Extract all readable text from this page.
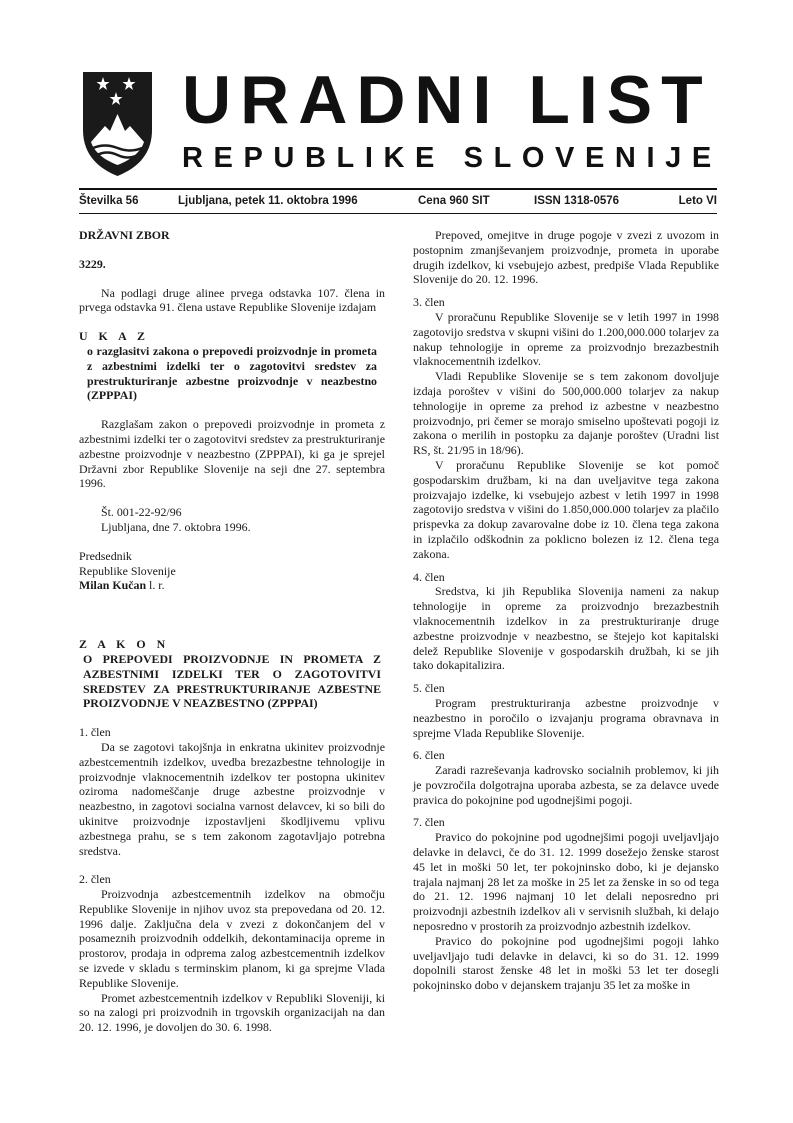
URADNI LIST
REPUBLIKE SLOVENIJE
Številka 56	Ljubljana, petek 11. oktobra 1996	Cena 960 SIT	ISSN 1318-0576	Leto VI

DRŽAVNI ZBOR

3229.

Na podlagi druge alinee prvega odstavka 107. člena in prvega odstavka 91. člena ustave Republike Slovenije izdajam

U K A Z

o razglasitvi zakona o prepovedi proizvodnje in prometa z azbestnimi izdelki ter o zagotovitvi sredstev za prestrukturiranje azbestne proizvodnje v neazbestno (ZPPPAI)

Razglašam zakon o prepovedi proizvodnje in prometa z azbestnimi izdelki ter o zagotovitvi sredstev za prestrukturiranje azbestne proizvodnje v neazbestno (ZPPPAI), ki ga je sprejel Državni zbor Republike Slovenije na seji dne 27. septembra 1996.

Št. 001-22-92/96

Ljubljana, dne 7. oktobra 1996.

Predsednik

Republike Slovenije

Milan Kučan l. r.

Z A K O N

O PREPOVEDI PROIZVODNJE IN PROMETA Z AZBESTNIMI IZDELKI TER O ZAGOTOVITVI SREDSTEV ZA PRESTRUKTURIRANJE AZBESTNE PROIZVODNJE V NEAZBESTNO (ZPPPAI)

1. člen

Da se zagotovi takojšnja in enkratna ukinitev proizvodnje azbestcementnih izdelkov, uvedba brezazbestne tehnologije in proizvodnje vlaknocementnih izdelkov ter postopna ukinitev oziroma nadomeščanje druge azbestne proizvodnje v neazbestno, in zagotovi socialna varnost delavcev, ki so bili do ukinitve proizvodnje izpostavljeni škodljivemu vplivu azbestnega prahu, se s tem zakonom zagotavljajo potrebna sredstva.

2. člen

Proizvodnja azbestcementnih izdelkov na območju Republike Slovenije in njihov uvoz sta prepovedana od 20. 12. 1996 dalje. Zaključna dela v zvezi z dokončanjem del v posameznih proizvodnih oddelkih, dekontaminacija opreme in prostorov, prodaja in odprema zalog azbestcementnih izdelkov se izvede v skladu s terminskim planom, ki ga sprejme Vlada Republike Slovenije.

Promet azbestcementnih izdelkov v Republiki Sloveniji, ki so na zalogi pri proizvodnih in trgovskih organizacijah na dan 20. 12. 1996, je dovoljen do 30. 6. 1998.

Prepoved, omejitve in druge pogoje v zvezi z uvozom in postopnim zmanjševanjem proizvodnje, prometa in uporabe drugih izdelkov, ki vsebujejo azbest, predpiše Vlada Republike Slovenije do 20. 12. 1996.

3. člen

V proračunu Republike Slovenije se v letih 1997 in 1998 zagotovijo sredstva v skupni višini do 1.200,000.000 tolarjev za nakup tehnologije in opreme za proizvodnjo brezazbestnih vlaknocementnih izdelkov.

Vladi Republike Slovenije se s tem zakonom dovoljuje izdaja poroštev v višini do 500,000.000 tolarjev za nakup tehnologije in opreme za prehod iz azbestne v neazbestno proizvodnjo, pri čemer se morajo smiselno upoštevati pogoji iz zakona o merilih in postopku za dajanje poroštev (Uradni list RS, št. 21/95 in 18/96).

V proračunu Republike Slovenije se kot pomoč gospodarskim družbam, ki na dan uveljavitve tega zakona proizvajajo izdelke, ki vsebujejo azbest v letih 1997 in 1998 zagotovijo sredstva v višini do 1.850,000.000 tolarjev za plačilo prispevka za dokup zavarovalne dobe iz 10. člena tega zakona in izplačilo odškodnin za poklicno bolezen iz 12. člena tega zakona.

4. člen

Sredstva, ki jih Republika Slovenija nameni za nakup tehnologije in opreme za proizvodnjo brezazbestnih vlaknocementnih izdelkov in za prestrukturiranje druge azbestne proizvodnje v neazbestno, se štejejo kot kapitalski delež Republike Slovenije v gospodarskih družbah, ki se jih tako dokapitalizira.

5. člen

Program prestrukturiranja azbestne proizvodnje v neazbestno in poročilo o izvajanju programa obravnava in sprejme Vlada Republike Slovenije.

6. člen

Zaradi razreševanja kadrovsko socialnih problemov, ki jih je povzročila dolgotrajna uporaba azbesta, se za delavce uvede pravica do pokojnine pod ugodnejšimi pogoji.

7. člen

Pravico do pokojnine pod ugodnejšimi pogoji uveljavljajo delavke in delavci, če do 31. 12. 1999 dosežejo ženske starost 45 let in moški 50 let, ter pokojninsko dobo, ki je dejansko trajala najmanj 28 let za moške in 25 let za ženske in so od tega do 21. 12. 1996 najmanj 10 let delali neposredno pri proizvodnji azbestnih izdelkov ali v servisnih službah, ki delajo neposredno v prostorih za proizvodnjo azbestnih izdelkov.

Pravico do pokojnine pod ugodnejšimi pogoji lahko uveljavljajo tudi delavke in delavci, ki so do 31. 12. 1999 dopolnili starost ženske 48 let in moški 53 let ter dosegli pokojninsko dobo v dejanskem trajanju 35 let za moške in
